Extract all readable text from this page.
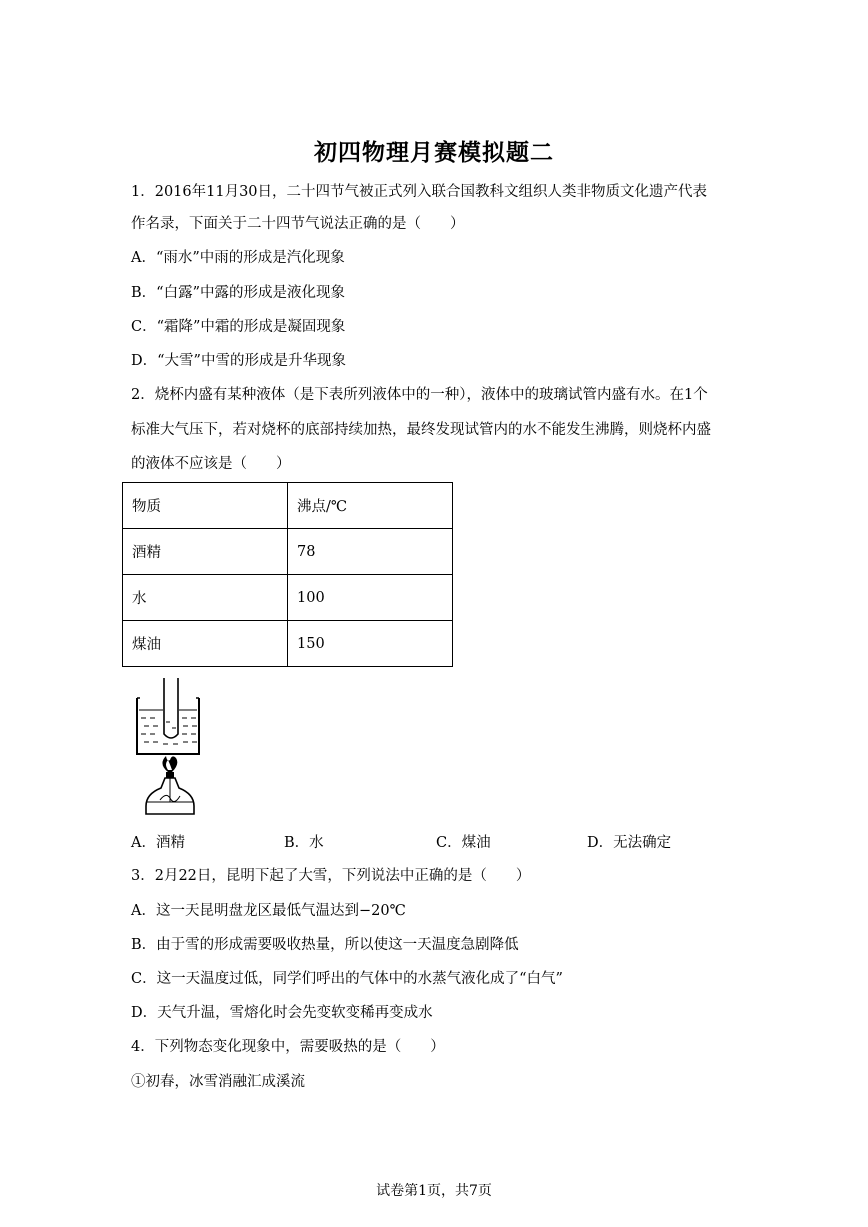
初四物理月赛模拟题二
1．2016年11月30日，二十四节气被正式列入联合国教科文组织人类非物质文化遗产代表
作名录，下面关于二十四节气说法正确的是（　　）
A．“雨水”中雨的形成是汽化现象
B．“白露”中露的形成是液化现象
C．“霜降”中霜的形成是凝固现象
D．“大雪”中雪的形成是升华现象
2．烧杯内盛有某种液体（是下表所列液体中的一种），液体中的玻璃试管内盛有水。在1个
标准大气压下，若对烧杯的底部持续加热，最终发现试管内的水不能发生沸腾，则烧杯内盛
的液体不应该是（　　）
物质	沸点/℃
酒精	78
水	100
煤油	150
A．酒精	B．水	C．煤油	D．无法确定
3．2月22日，昆明下起了大雪，下列说法中正确的是（　　）
A．这一天昆明盘龙区最低气温达到−20℃
B．由于雪的形成需要吸收热量，所以使这一天温度急剧降低
C．这一天温度过低，同学们呼出的气体中的水蒸气液化成了“白气”
D．天气升温，雪熔化时会先变软变稀再变成水
4．下列物态变化现象中，需要吸热的是（　　）
①初春，冰雪消融汇成溪流
试卷第1页，共7页
